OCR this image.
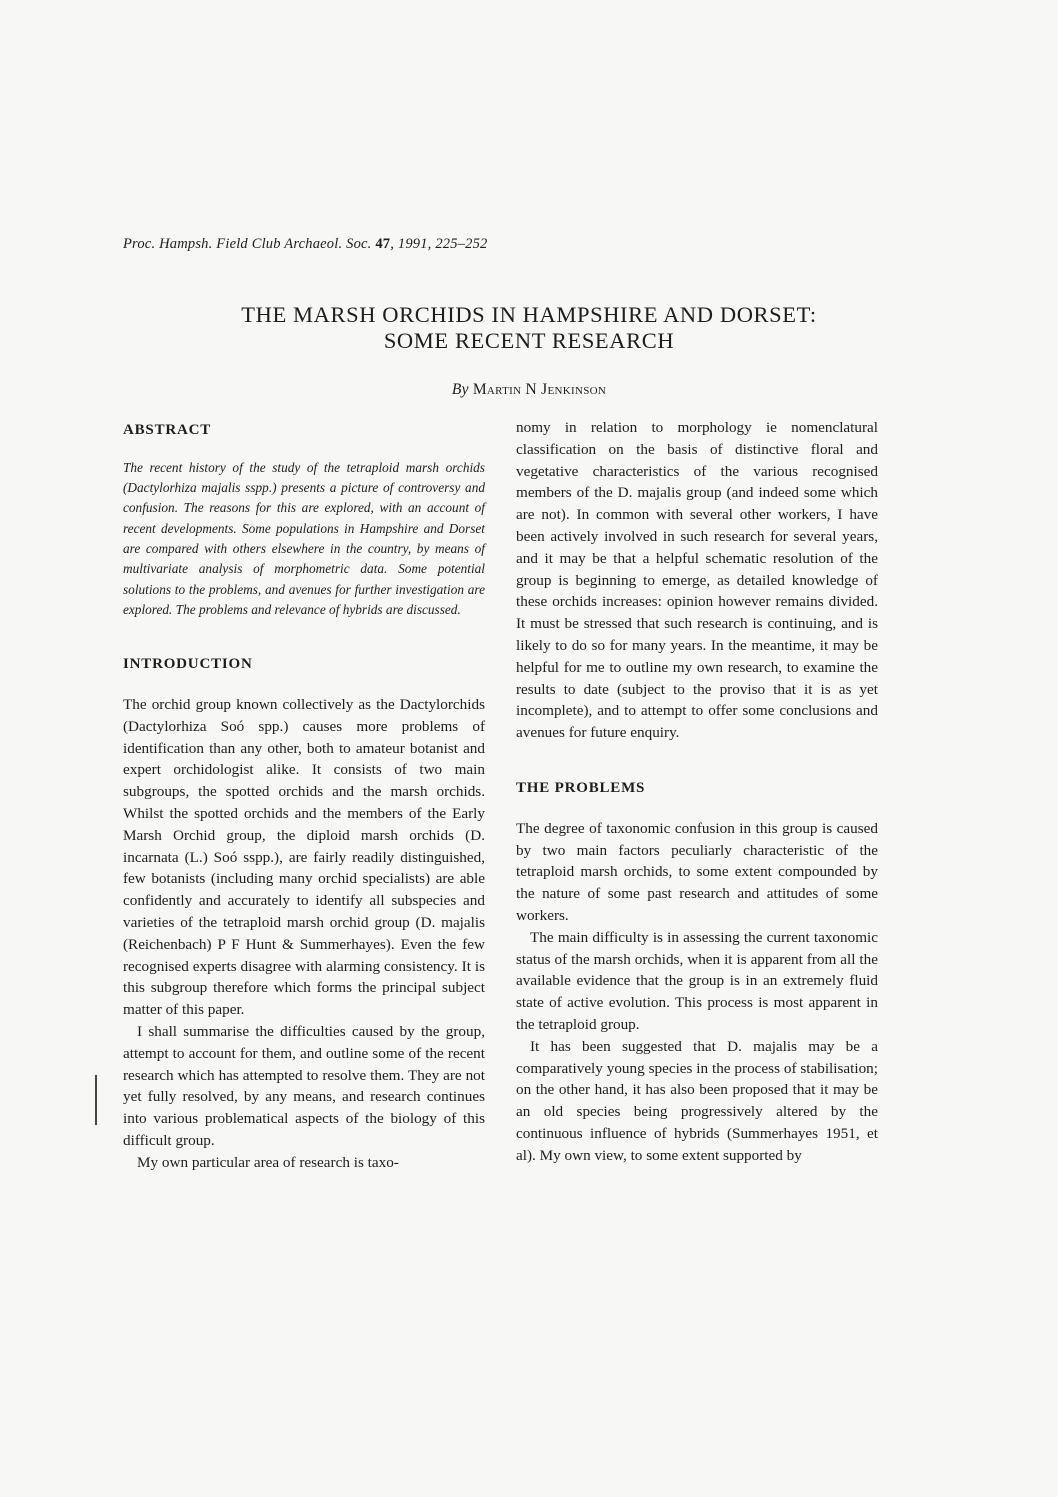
Proc. Hampsh. Field Club Archaeol. Soc. 47, 1991, 225–252
THE MARSH ORCHIDS IN HAMPSHIRE AND DORSET:
SOME RECENT RESEARCH
By Martin N Jenkinson
ABSTRACT

The recent history of the study of the tetraploid marsh orchids (Dactylorhiza majalis sspp.) presents a picture of controversy and confusion. The reasons for this are explored, with an account of recent developments. Some populations in Hampshire and Dorset are compared with others elsewhere in the country, by means of multivariate analysis of morphometric data. Some potential solutions to the problems, and avenues for further investigation are explored. The problems and relevance of hybrids are discussed.

INTRODUCTION

The orchid group known collectively as the Dactylorchids (Dactylorhiza Soó spp.) causes more problems of identification than any other, both to amateur botanist and expert orchidologist alike. It consists of two main subgroups, the spotted orchids and the marsh orchids. Whilst the spotted orchids and the members of the Early Marsh Orchid group, the diploid marsh orchids (D. incarnata (L.) Soó sspp.), are fairly readily distinguished, few botanists (including many orchid specialists) are able confidently and accurately to identify all subspecies and varieties of the tetraploid marsh orchid group (D. majalis (Reichenbach) P F Hunt & Summerhayes). Even the few recognised experts disagree with alarming consistency. It is this subgroup therefore which forms the principal subject matter of this paper.

I shall summarise the difficulties caused by the group, attempt to account for them, and outline some of the recent research which has attempted to resolve them. They are not yet fully resolved, by any means, and research continues into various problematical aspects of the biology of this difficult group.

My own particular area of research is taxo-

nomy in relation to morphology ie nomenclatural classification on the basis of distinctive floral and vegetative characteristics of the various recognised members of the D. majalis group (and indeed some which are not). In common with several other workers, I have been actively involved in such research for several years, and it may be that a helpful schematic resolution of the group is beginning to emerge, as detailed knowledge of these orchids increases: opinion however remains divided. It must be stressed that such research is continuing, and is likely to do so for many years. In the meantime, it may be helpful for me to outline my own research, to examine the results to date (subject to the proviso that it is as yet incomplete), and to attempt to offer some conclusions and avenues for future enquiry.

THE PROBLEMS

The degree of taxonomic confusion in this group is caused by two main factors peculiarly characteristic of the tetraploid marsh orchids, to some extent compounded by the nature of some past research and attitudes of some workers.

The main difficulty is in assessing the current taxonomic status of the marsh orchids, when it is apparent from all the available evidence that the group is in an extremely fluid state of active evolution. This process is most apparent in the tetraploid group.

It has been suggested that D. majalis may be a comparatively young species in the process of stabilisation; on the other hand, it has also been proposed that it may be an old species being progressively altered by the continuous influence of hybrids (Summerhayes 1951, et al). My own view, to some extent supported by
